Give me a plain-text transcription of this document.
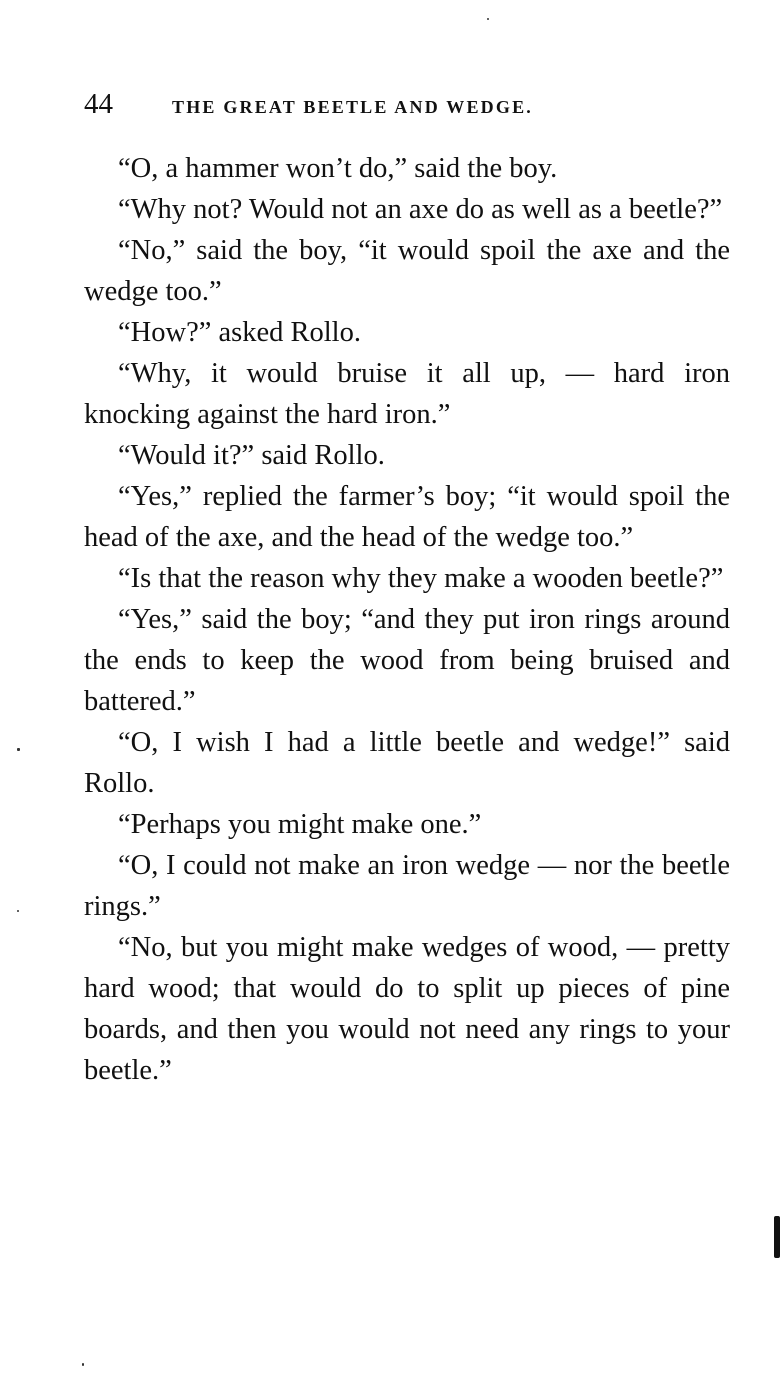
44	THE GREAT BEETLE AND WEDGE.

“O, a hammer won’t do,” said the boy.

“Why not? Would not an axe do as well as a beetle?”

“No,” said the boy, “it would spoil the axe and the wedge too.”

“How?” asked Rollo.

“Why, it would bruise it all up, — hard iron knocking against the hard iron.”

“Would it?” said Rollo.

“Yes,” replied the farmer’s boy; “it would spoil the head of the axe, and the head of the wedge too.”

“Is that the reason why they make a wooden beetle?”

“Yes,” said the boy; “and they put iron rings around the ends to keep the wood from being bruised and battered.”

“O, I wish I had a little beetle and wedge!” said Rollo.

“Perhaps you might make one.”

“O, I could not make an iron wedge — nor the beetle rings.”

“No, but you might make wedges of wood, — pretty hard wood; that would do to split up pieces of pine boards, and then you would not need any rings to your beetle.”
